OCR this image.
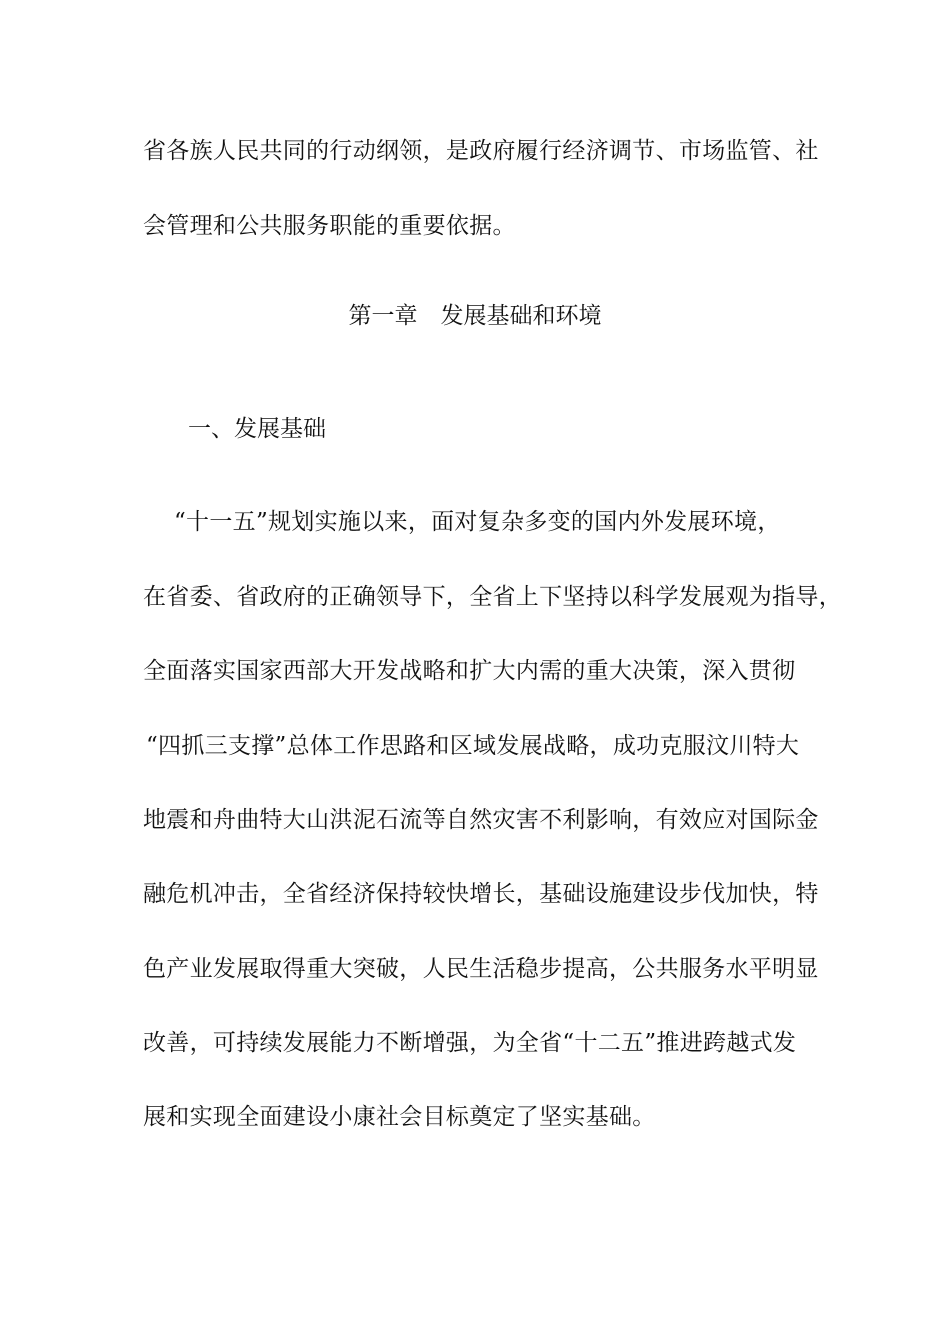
省各族人民共同的行动纲领，是政府履行经济调节、市场监管、社
会管理和公共服务职能的重要依据。
第一章　发展基础和环境
一、发展基础
“十一五”规划实施以来，面对复杂多变的国内外发展环境，
在省委、省政府的正确领导下，全省上下坚持以科学发展观为指导，
全面落实国家西部大开发战略和扩大内需的重大决策，深入贯彻
“四抓三支撑”总体工作思路和区域发展战略，成功克服汶川特大
地震和舟曲特大山洪泥石流等自然灾害不利影响，有效应对国际金
融危机冲击，全省经济保持较快增长，基础设施建设步伐加快，特
色产业发展取得重大突破，人民生活稳步提高，公共服务水平明显
改善，可持续发展能力不断增强，为全省“十二五”推进跨越式发
展和实现全面建设小康社会目标奠定了坚实基础。
